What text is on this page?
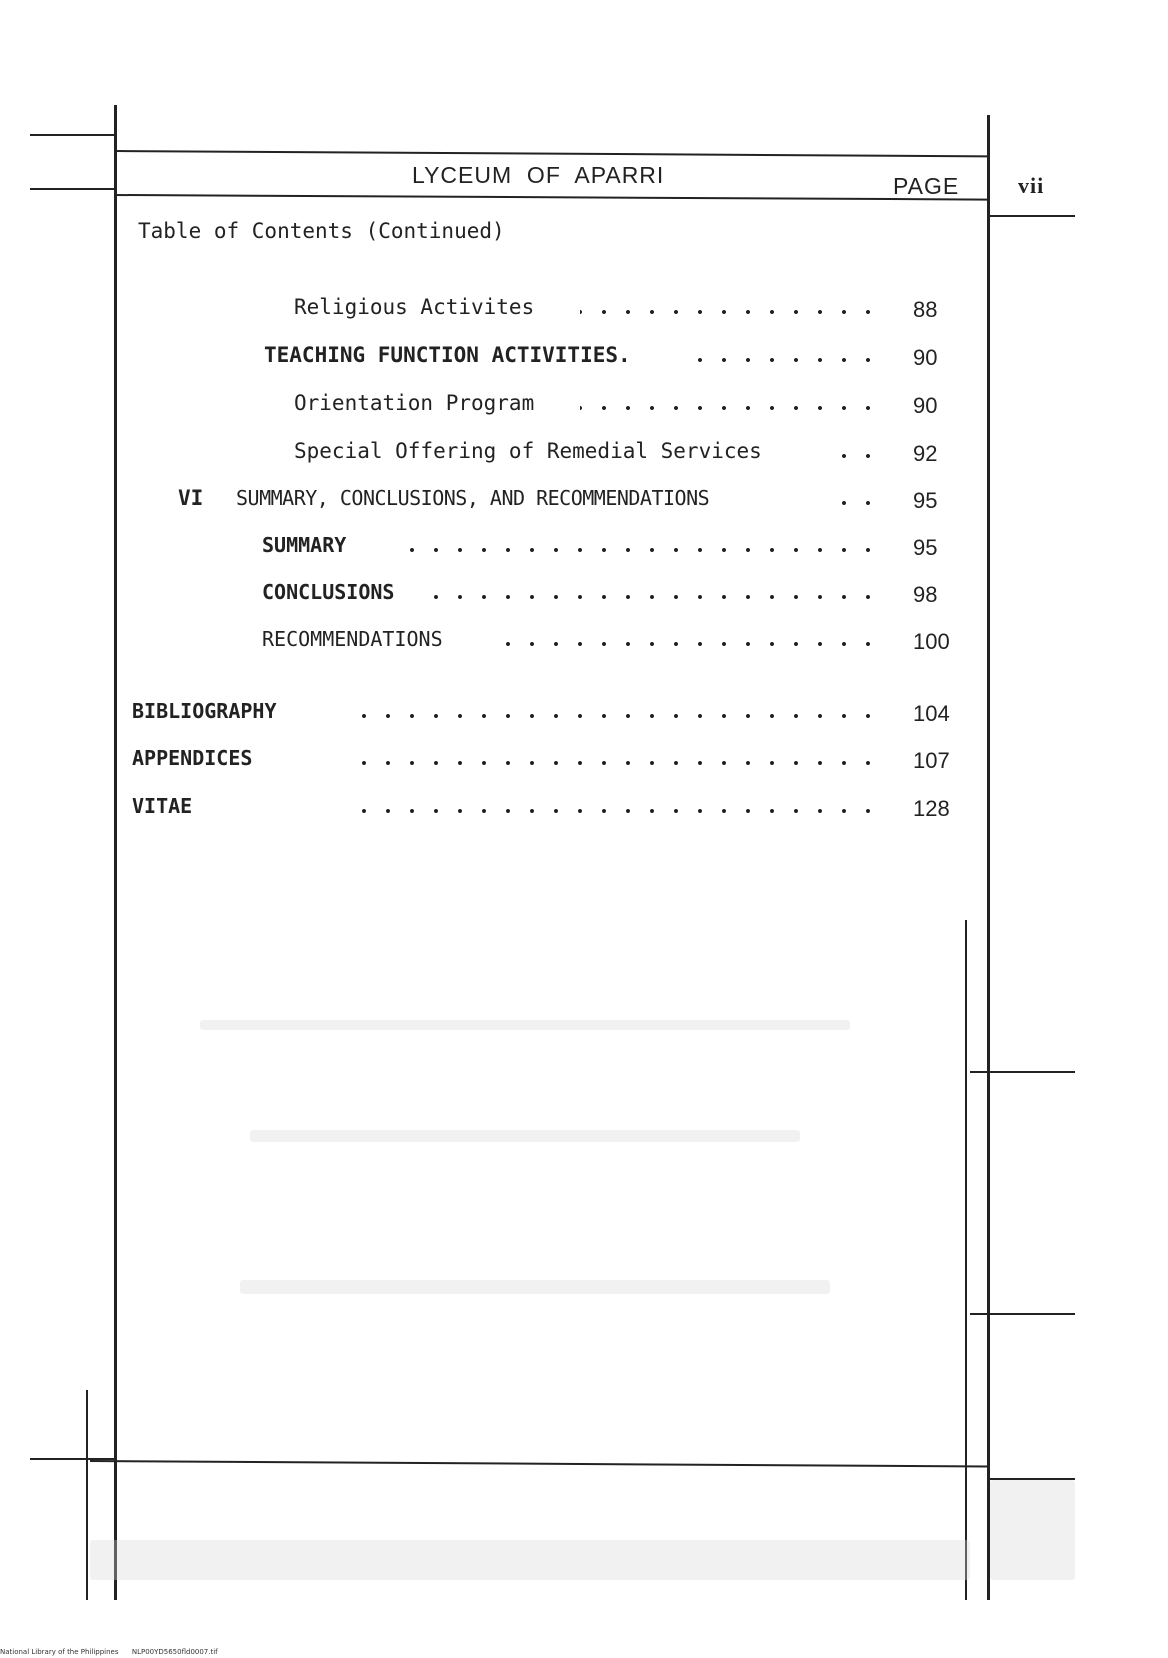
LYCEUM  OF  APARRI	PAGE	vii
Table of Contents (Continued)
Religious Activites	88
TEACHING FUNCTION ACTIVITIES.	90
Orientation Program	90
Special Offering of Remedial Services	92
VI SUMMARY, CONCLUSIONS, AND RECOMMENDATIONS	95
SUMMARY	95
CONCLUSIONS	98
RECOMMENDATIONS	100
BIBLIOGRAPHY	104
APPENDICES	107
VITAE	128
National Library of the Philippines      NLP00YD5650fld0007.tif
